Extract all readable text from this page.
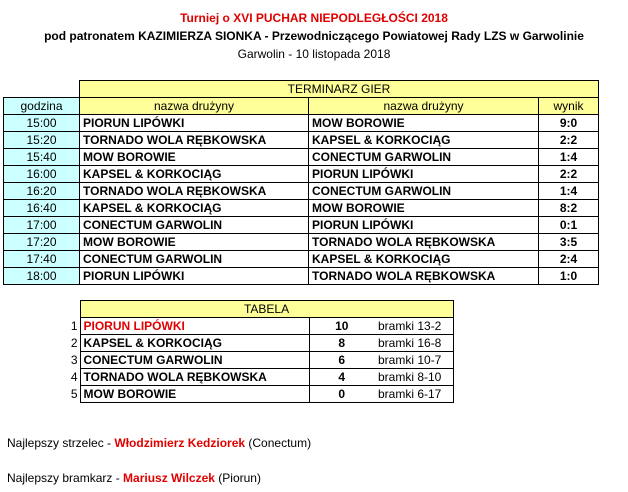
Turniej o XVI PUCHAR NIEPODLEGŁOŚCI 2018
pod patronatem KAZIMIERZA SIONKA - Przewodniczącego Powiatowej Rady LZS w Garwolinie
Garwolin - 10 listopada 2018
	TERMINARZ GIER		
godzina	nazwa drużyny	nazwa drużyny	wynik
15:00	PIORUN LIPÓWKI	MOW BOROWIE	9:0
15:20	TORNADO WOLA RĘBKOWSKA	KAPSEL & KORKOCIĄG	2:2
15:40	MOW BOROWIE	CONECTUM GARWOLIN	1:4
16:00	KAPSEL & KORKOCIĄG	PIORUN LIPÓWKI	2:2
16:20	TORNADO WOLA RĘBKOWSKA	CONECTUM GARWOLIN	1:4
16:40	KAPSEL & KORKOCIĄG	MOW BOROWIE	8:2
17:00	CONECTUM GARWOLIN	PIORUN LIPÓWKI	0:1
17:20	MOW BOROWIE	TORNADO WOLA RĘBKOWSKA	3:5
17:40	CONECTUM GARWOLIN	KAPSEL & KORKOCIĄG	2:4
18:00	PIORUN LIPÓWKI	TORNADO WOLA RĘBKOWSKA	1:0
	TABELA		
1	PIORUN LIPÓWKI	10	bramki 13-2
2	KAPSEL & KORKOCIĄG	8	bramki 16-8
3	CONECTUM GARWOLIN	6	bramki 10-7
4	TORNADO WOLA RĘBKOWSKA	4	bramki 8-10
5	MOW BOROWIE	0	bramki 6-17
Najlepszy strzelec - Włodzimierz Kedziorek (Conectum)
Najlepszy bramkarz - Mariusz Wilczek (Piorun)
